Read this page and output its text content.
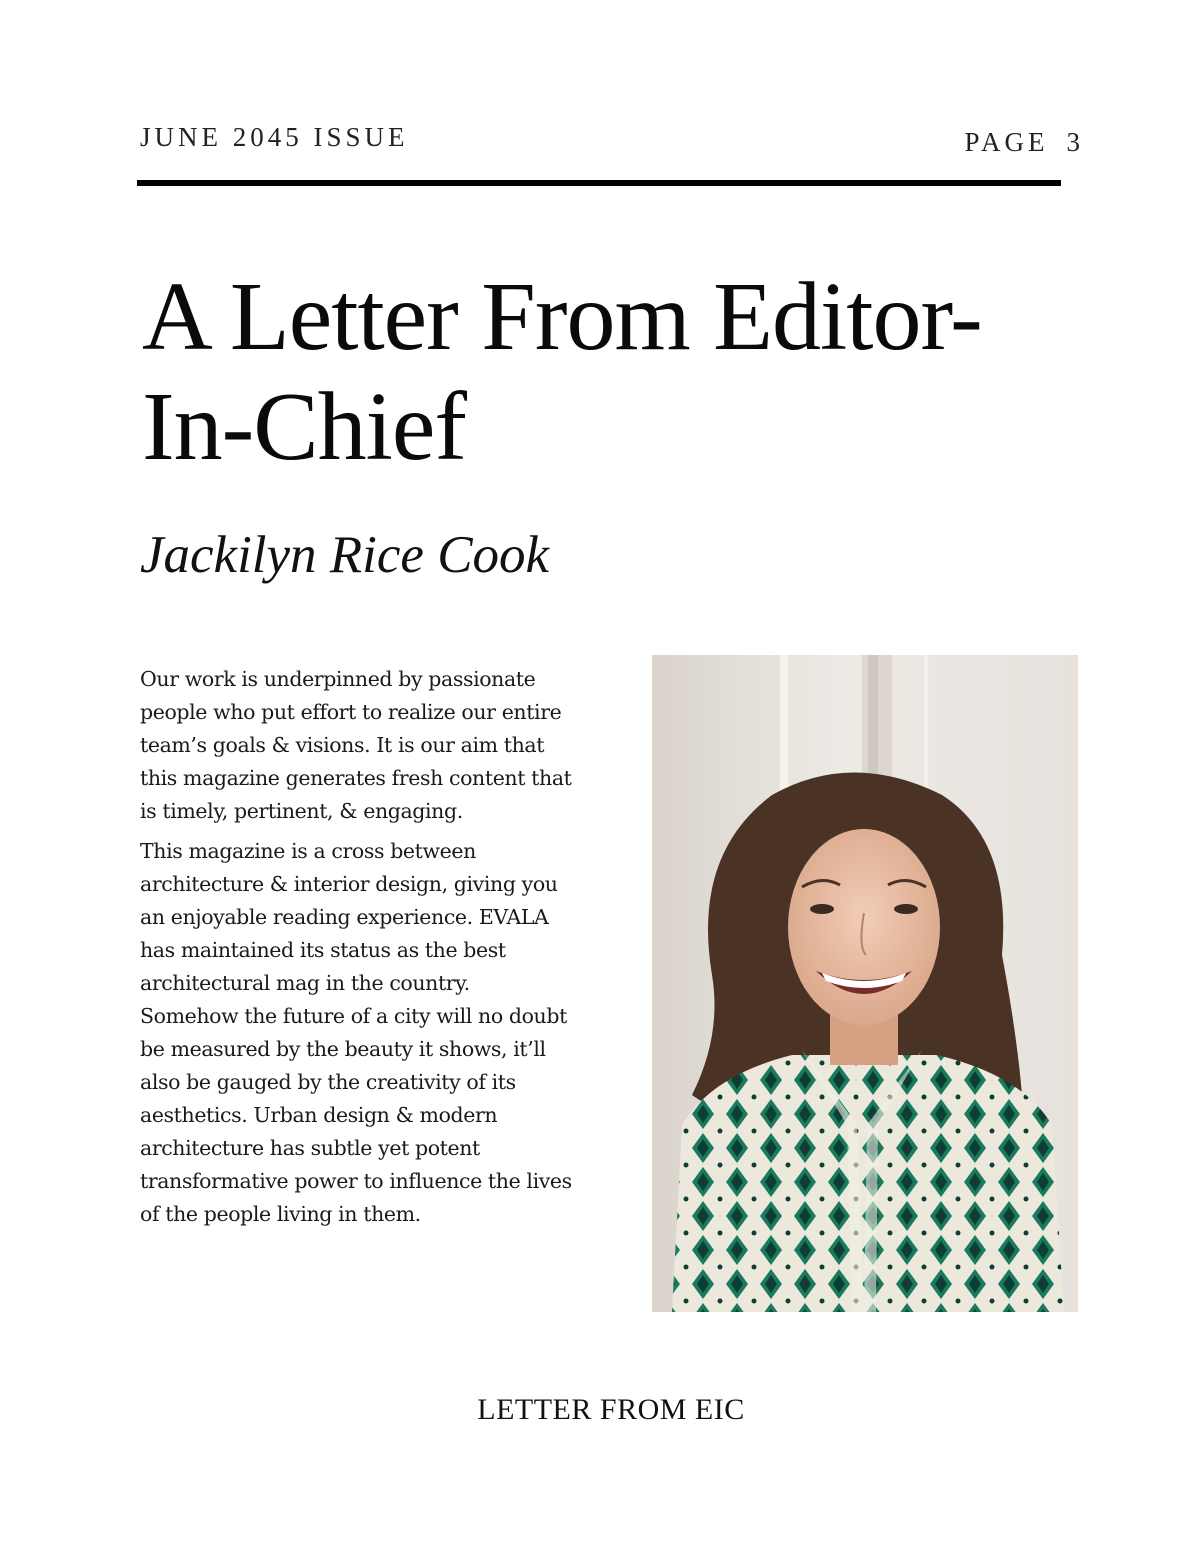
JUNE 2045 ISSUE	PAGE 3
A Letter From Editor-In-Chief
Jackilyn Rice Cook

Our work is underpinned by passionate people who put effort to realize our entire team’s goals & visions. It is our aim that this magazine generates fresh content that is timely, pertinent, & engaging.

This magazine is a cross between architecture & interior design, giving you an enjoyable reading experience. EVALA has maintained its status as the best architectural mag in the country. Somehow the future of a city will no doubt be measured by the beauty it shows, it’ll also be gauged by the creativity of its aesthetics. Urban design & modern architecture has subtle yet potent transformative power to influence the lives of the people living in them.

LETTER FROM EIC
